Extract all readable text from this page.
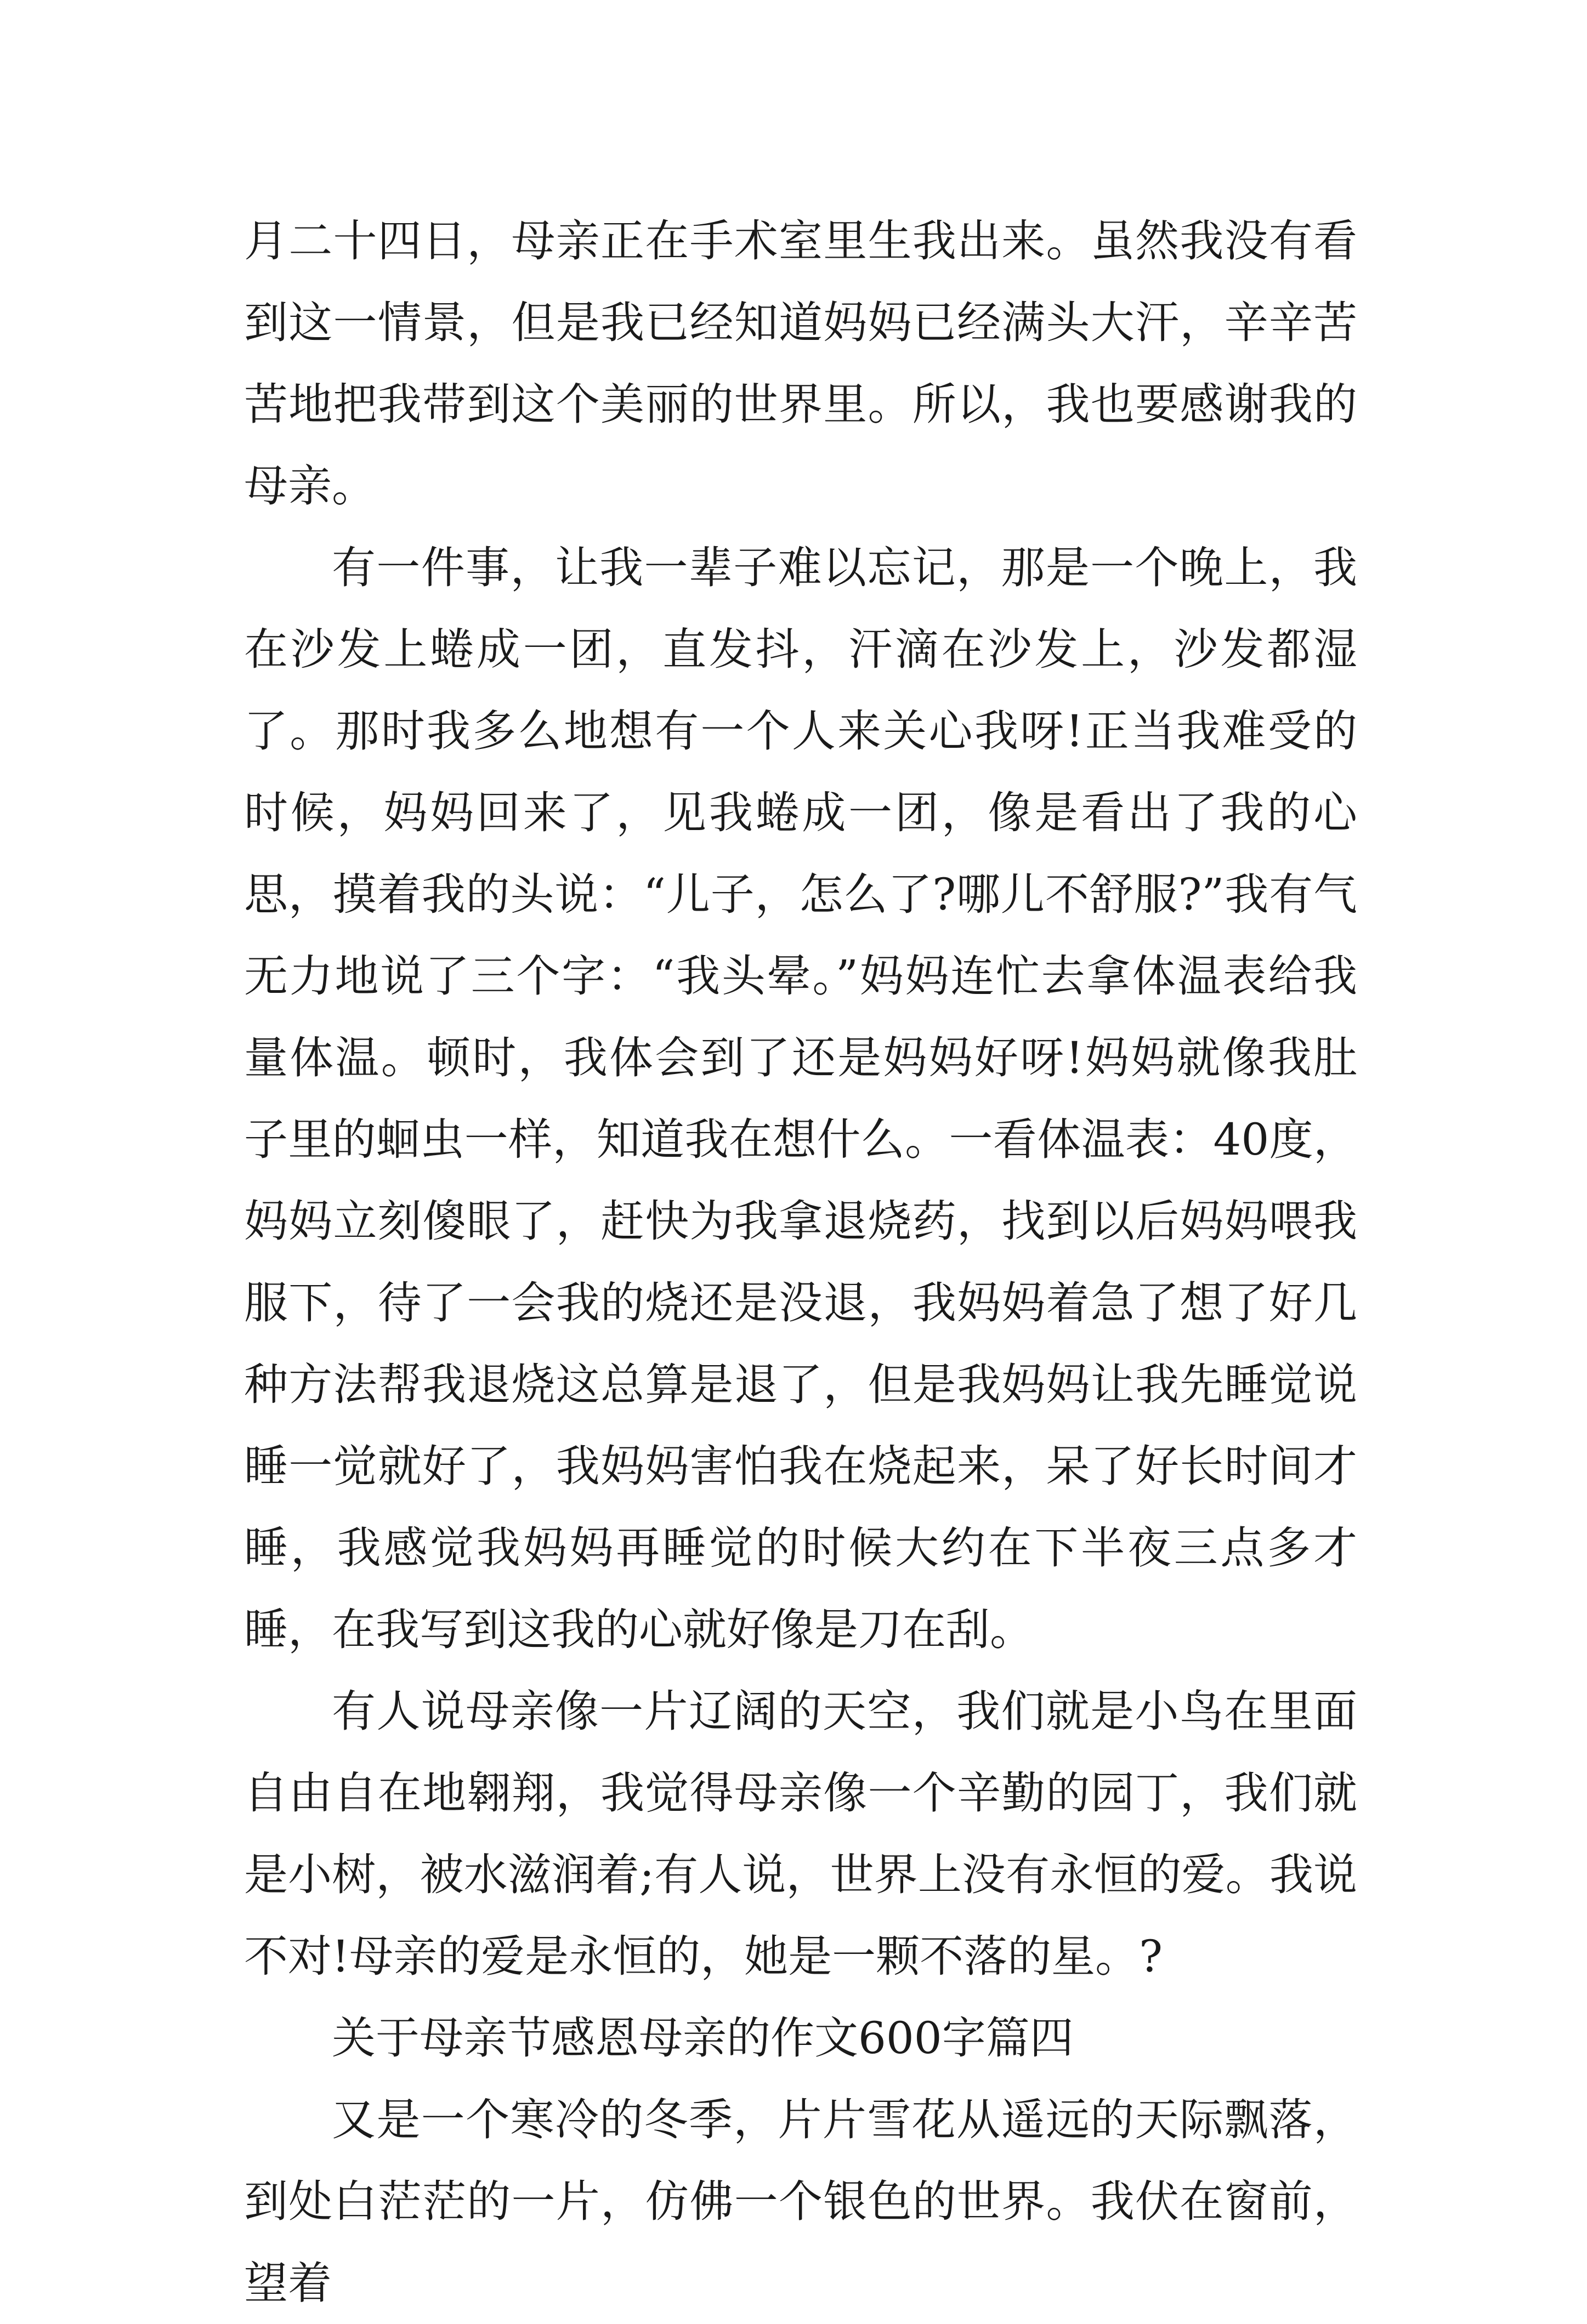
月二十四日，母亲正在手术室里生我出来。虽然我没有看到这一情景，但是我已经知道妈妈已经满头大汗，辛辛苦苦地把我带到这个美丽的世界里。所以，我也要感谢我的母亲。

有一件事，让我一辈子难以忘记，那是一个晚上，我在沙发上蜷成一团，直发抖，汗滴在沙发上，沙发都湿了。那时我多么地想有一个人来关心我呀!正当我难受的时候，妈妈回来了，见我蜷成一团，像是看出了我的心思，摸着我的头说：“儿子，怎么了?哪儿不舒服?”我有气无力地说了三个字：“我头晕。”妈妈连忙去拿体温表给我量体温。顿时，我体会到了还是妈妈好呀!妈妈就像我肚子里的蛔虫一样，知道我在想什么。一看体温表：40度，妈妈立刻傻眼了，赶快为我拿退烧药，找到以后妈妈喂我服下，待了一会我的烧还是没退，我妈妈着急了想了好几种方法帮我退烧这总算是退了，但是我妈妈让我先睡觉说睡一觉就好了，我妈妈害怕我在烧起来，呆了好长时间才睡，我感觉我妈妈再睡觉的时候大约在下半夜三点多才睡，在我写到这我的心就好像是刀在刮。

有人说母亲像一片辽阔的天空，我们就是小鸟在里面自由自在地翱翔，我觉得母亲像一个辛勤的园丁，我们就是小树，被水滋润着;有人说，世界上没有永恒的爱。我说不对!母亲的爱是永恒的，她是一颗不落的星。?

关于母亲节感恩母亲的作文600字篇四

又是一个寒冷的冬季，片片雪花从遥远的天际飘落，到处白茫茫的一片，仿佛一个银色的世界。我伏在窗前，望着
